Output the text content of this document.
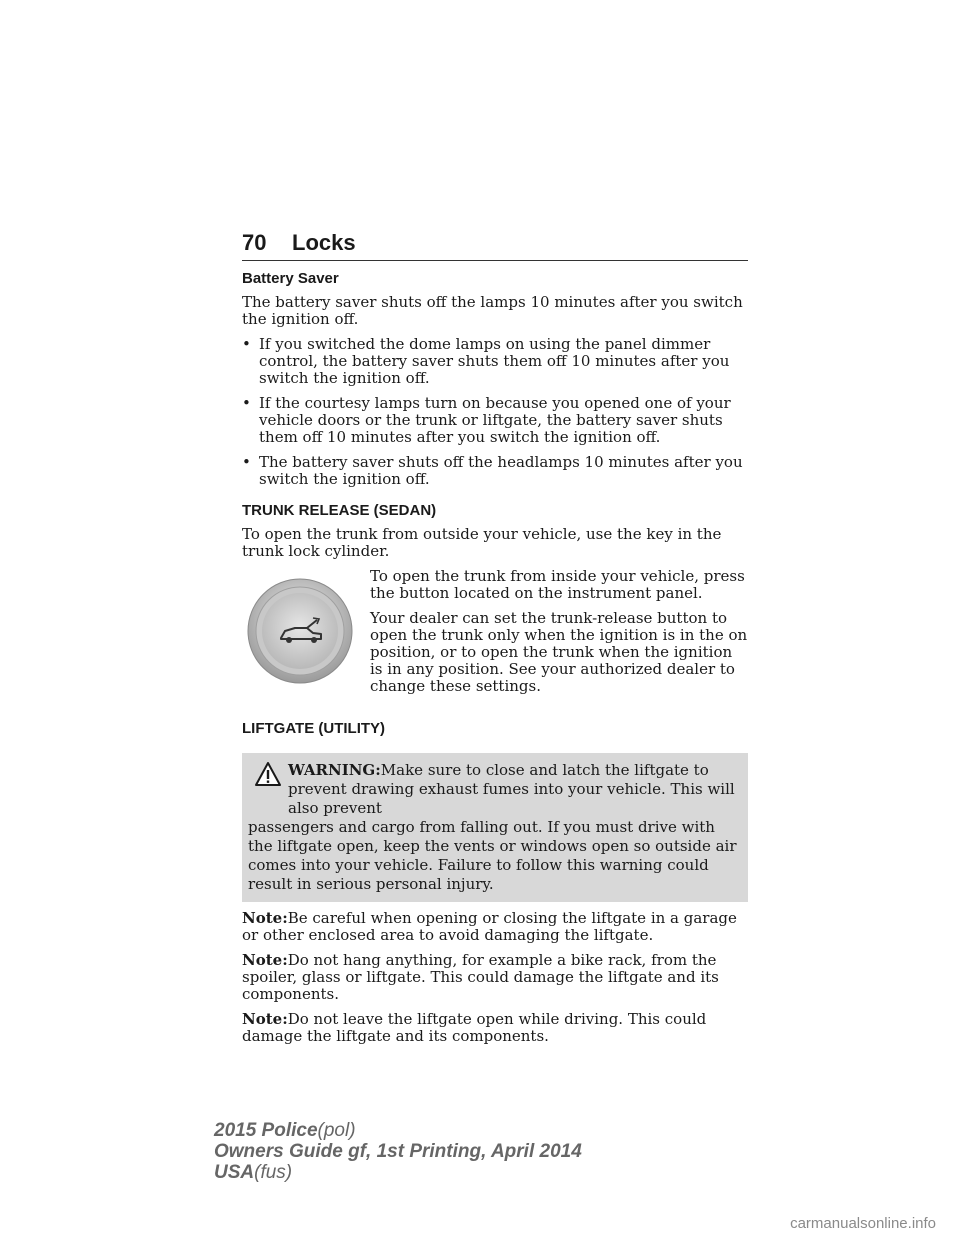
70 Locks
Battery Saver

The battery saver shuts off the lamps 10 minutes after you switch the ignition off.

• If you switched the dome lamps on using the panel dimmer control, the battery saver shuts them off 10 minutes after you switch the ignition off.
• If the courtesy lamps turn on because you opened one of your vehicle doors or the trunk or liftgate, the battery saver shuts them off 10 minutes after you switch the ignition off.
• The battery saver shuts off the headlamps 10 minutes after you switch the ignition off.
TRUNK RELEASE (SEDAN)

To open the trunk from outside your vehicle, use the key in the trunk lock cylinder.

To open the trunk from inside your vehicle, press the button located on the instrument panel.

Your dealer can set the trunk-release button to open the trunk only when the ignition is in the on position, or to open the trunk when the ignition is in any position. See your authorized dealer to change these settings.

LIFTGATE (UTILITY)

WARNING:Make sure to close and latch the liftgate to prevent drawing exhaust fumes into your vehicle. This will also prevent

passengers and cargo from falling out. If you must drive with the liftgate open, keep the vents or windows open so outside air comes into your vehicle. Failure to follow this warning could result in serious personal injury.

Note:Be careful when opening or closing the liftgate in a garage or other enclosed area to avoid damaging the liftgate.

Note:Do not hang anything, for example a bike rack, from the spoiler, glass or liftgate. This could damage the liftgate and its components.

Note:Do not leave the liftgate open while driving. This could damage the liftgate and its components.

2015 Police(pol)
Owners Guide gf, 1st Printing, April 2014
USA(fus)
carmanualsonline.info
